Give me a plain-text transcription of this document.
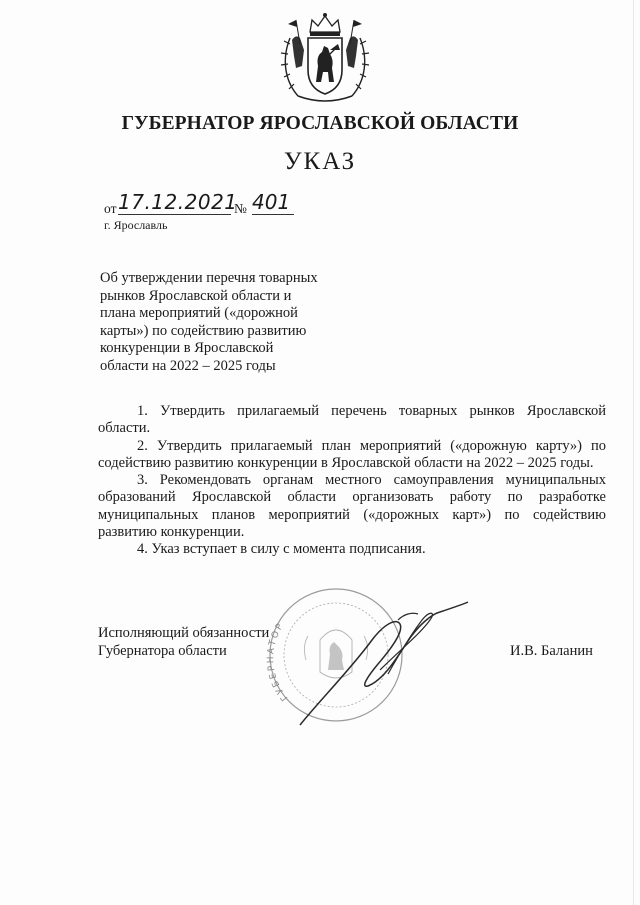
ГУБЕРНАТОР ЯРОСЛАВСКОЙ ОБЛАСТИ
УКАЗ
от 17.12.2021
№ 401
г. Ярославль
Об утверждении перечня товарных
рынков Ярославской области и
плана мероприятий («дорожной
карты») по содействию развитию
конкуренции в Ярославской
области на 2022 – 2025 годы

1. Утвердить прилагаемый перечень товарных рынков Ярославской области.

2. Утвердить прилагаемый план мероприятий («дорожную карту») по содействию развитию конкуренции в Ярославской области на 2022 – 2025 годы.

3. Рекомендовать органам местного самоуправления муниципальных образований Ярославской области организовать работу по разработке муниципальных планов мероприятий («дорожных карт») по содействию развитию конкуренции.

4. Указ вступает в силу с момента подписания.

ГУБЕРНАТОР
Исполняющий обязанности
Губернатора области	И.В. Баланин
